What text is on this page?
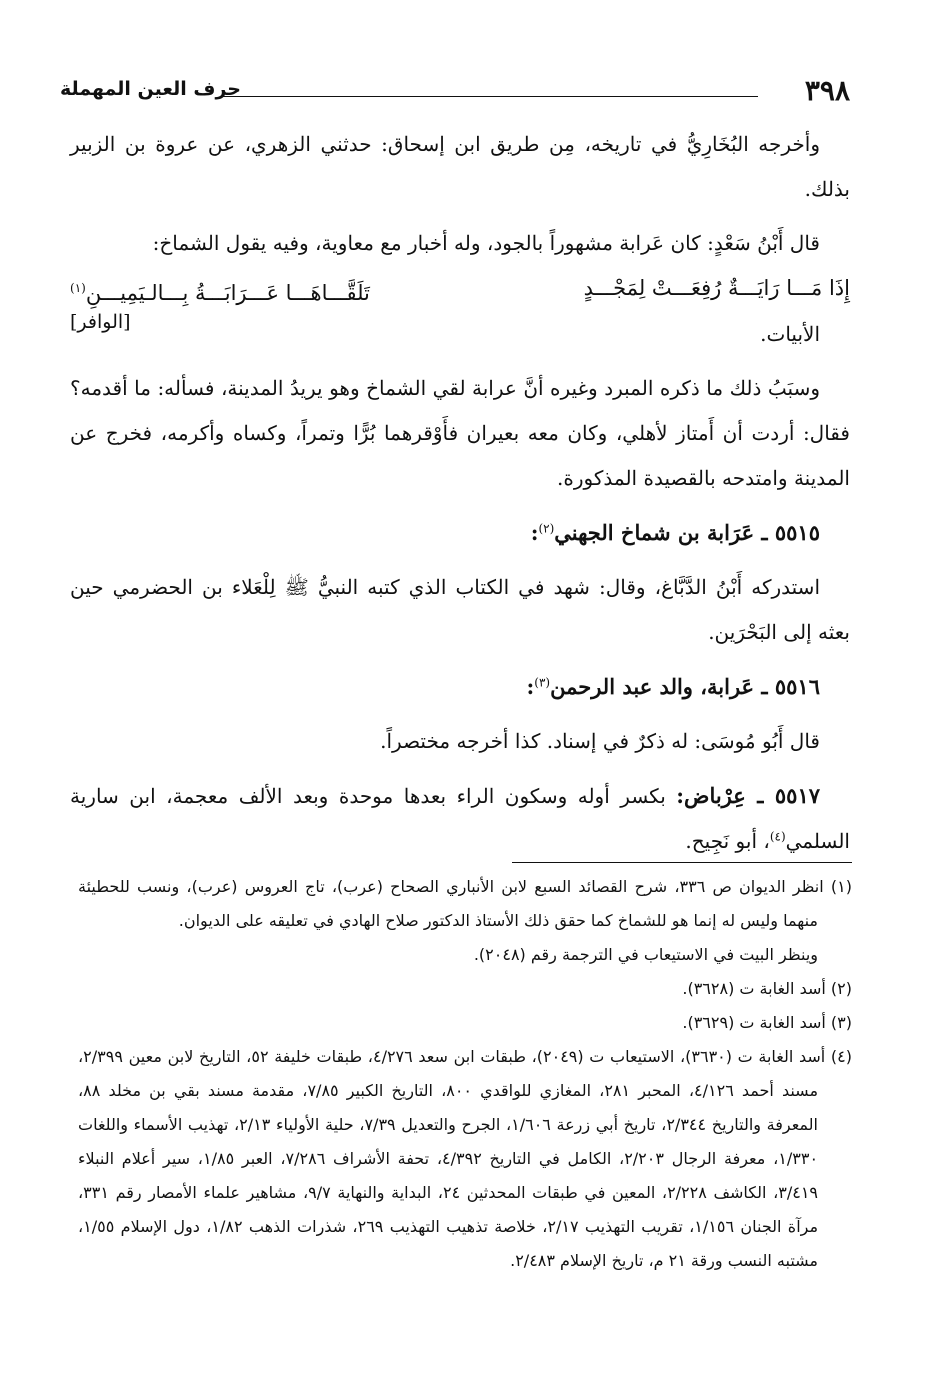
٣٩٨
حرف العين المهملة

وأخرجه البُخَارِيُّ في تاريخه، مِن طريق ابن إسحاق: حدثني الزهري، عن عروة بن الزبير بذلك.

قال أَبْنُ سَعْدٍ: كان عَرابة مشهوراً بالجود، وله أخبار مع معاوية، وفيه يقول الشماخ:

إِذَا مَـــا رَايَـــةٌ رُفِعَـــتْ لِمَجْـــدٍ
تَلَقَّـــاهَـــا عَـــرَابَـــةُ بِـــالـيَمِيـــنِ$^{(١)}$
[الوافر]	الأبيات.

وسبَبُ ذلك ما ذكره المبرد وغيره أنَّ عرابة لقي الشماخ وهو يريدُ المدينة، فسأله: ما أقدمه؟ فقال: أردت أن أَمتاز لأهلي، وكان معه بعيران فأَوْقرهما بُرًّا وتمراً، وكساه وأكرمه، فخرج عن المدينة وامتدحه بالقصيدة المذكورة.

٥٥١٥ ـ عَرَابة بن شماخ الجهني$^{(٢)}$:

استدركه أَبْنُ الدَّبَّاغ، وقال: شهد في الكتاب الذي كتبه النبيُّ ﷺ لِلْعَلاء بن الحضرمي حين بعثه إلى البَحْرَين.

٥٥١٦ ـ عَرابة، والد عبد الرحمن$^{(٣)}$:

قال أَبُو مُوسَى: له ذكرٌ في إسناد. كذا أخرجه مختصراً.

٥٥١٧ ـ عِرْباض: بكسر أوله وسكون الراء بعدها موحدة وبعد الألف معجمة، ابن سارية السلمي$^{(٤)}$، أبو نَجِيح.

(١) انظر الديوان ص ٣٣٦، شرح القصائد السبع لابن الأنباري الصحاح (عرب)، تاج العروس (عرب)، ونسب للحطيئة منهما وليس له إنما هو للشماخ كما حقق ذلك الأستاذ الدكتور صلاح الهادي في تعليقه على الديوان.

وينظر البيت في الاستيعاب في الترجمة رقم (٢٠٤٨).

(٢) أسد الغابة ت (٣٦٢٨).

(٣) أسد الغابة ت (٣٦٢٩).

(٤) أسد الغابة ت (٣٦٣٠)، الاستيعاب ت (٢٠٤٩)، طبقات ابن سعد ٤/٢٧٦، طبقات خليفة ٥٢، التاريخ لابن معين ٢/٣٩٩، مسند أحمد ٤/١٢٦، المحبر ٢٨١، المغازي للواقدي ٨٠٠، التاريخ الكبير ٧/٨٥، مقدمة مسند بقي بن مخلد ٨٨، المعرفة والتاريخ ٢/٣٤٤، تاريخ أبي زرعة ١/٦٠٦، الجرح والتعديل ٧/٣٩، حلية الأولياء ٢/١٣، تهذيب الأسماء واللغات ١/٣٣٠، معرفة الرجال ٢/٢٠٣، الكامل في التاريخ ٤/٣٩٢، تحفة الأشراف ٧/٢٨٦، العبر ١/٨٥، سير أعلام النبلاء ٣/٤١٩، الكاشف ٢/٢٢٨، المعين في طبقات المحدثين ٢٤، البداية والنهاية ٩/٧، مشاهير علماء الأمصار رقم ٣٣١، مرآة الجنان ١/١٥٦، تقريب التهذيب ٢/١٧، خلاصة تذهيب التهذيب ٢٦٩، شذرات الذهب ١/٨٢، دول الإسلام ١/٥٥، مشتبه النسب ورقة ٢١ م، تاريخ الإسلام ٢/٤٨٣.
